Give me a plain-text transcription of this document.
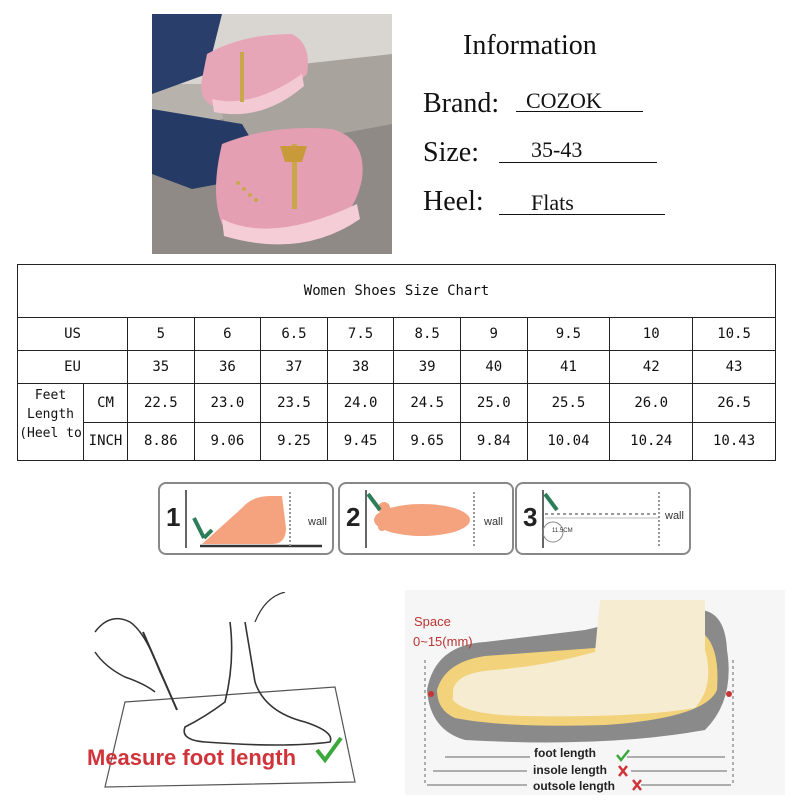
Information
Brand:	COZOK
Size:	35-43
Heel:	Flats
Women Shoes Size Chart										
US		5	6	6.5	7.5	8.5	9	9.5	10	10.5
EU		35	36	37	38	39	40	41	42	43

Feet Length (Heel to	CM	22.5	23.0	23.5	24.0	24.5	25.0	25.5	26.0	26.5
	INCH	8.86	9.06	9.25	9.45	9.65	9.84	10.04	10.24	10.43
1	wall 2	wall 3 11.5CM
wall
Measure foot length
Space
0~15(mm)
foot length
insole length
outsole length
